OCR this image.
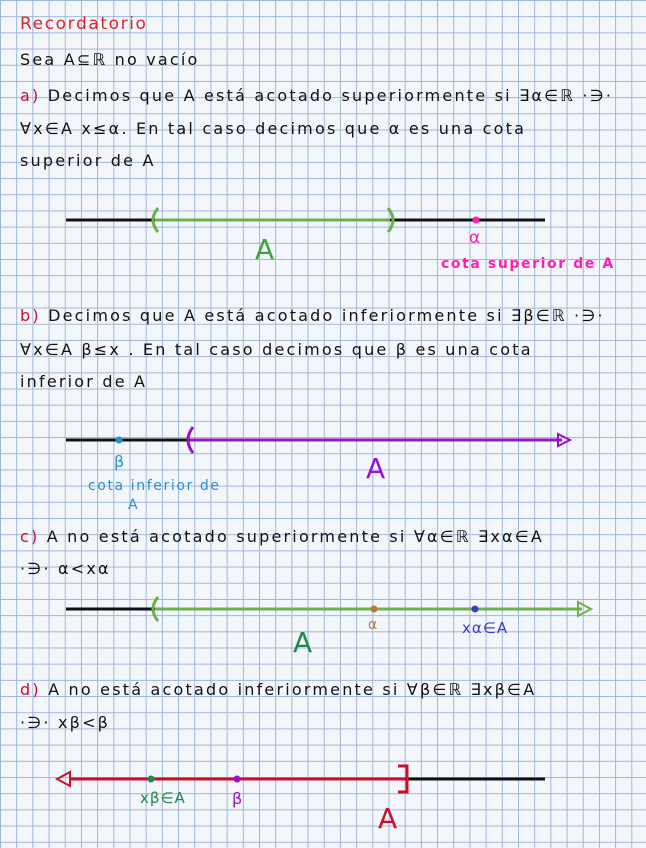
Recordatorio
Sea A⊆ℝ no vacío
a) Decimos que A está acotado superiormente si ∃α∈ℝ ·∋·
∀x∈A x≤α. En tal caso decimos que α es una cota
superior de A
A	α
cota superior de A
b) Decimos que A está acotado inferiormente si ∃β∈ℝ ·∋·
∀x∈A β≤x . En tal caso decimos que β es una cota
inferior de A
β	A
cota inferior de
A
c) A no está acotado superiormente si ∀α∈ℝ ∃xα∈A
·∋· α<xα
A
α	xα∈A
d) A no está acotado inferiormente si ∀β∈ℝ ∃xβ∈A
·∋· xβ<β
xβ∈A	β
A
